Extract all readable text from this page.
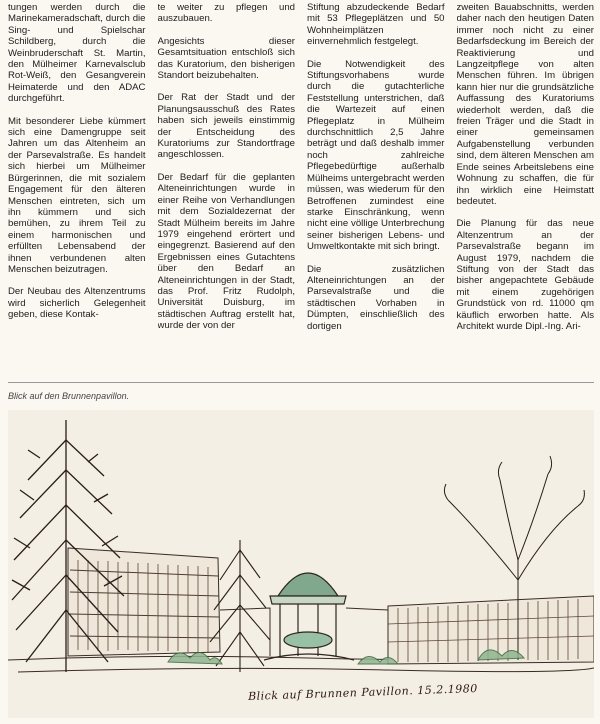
tungen werden durch die Marinekameradschaft, durch die Sing- und Spielschar Schildberg, durch die Weinbruderschaft St. Martin, den Mülheimer Karnevalsclub Rot-Weiß, den Gesangverein Heimaterde und den ADAC durchgeführt.

Mit besonderer Liebe kümmert sich eine Damengruppe seit Jahren um das Altenheim an der Parsevalstraße. Es handelt sich hierbei um Mülheimer Bürgerinnen, die mit sozialem Engagement für den älteren Menschen eintreten, sich um ihn kümmern und sich bemühen, zu ihrem Teil zu einem harmonischen und erfüllten Lebensabend der ihnen verbundenen alten Menschen beizutragen.

Der Neubau des Altenzentrums wird sicherlich Gelegenheit geben, diese Kontak-

te weiter zu pflegen und auszubauen.

Angesichts dieser Gesamtsituation entschloß sich das Kuratorium, den bisherigen Standort beizubehalten.

Der Rat der Stadt und der Planungsausschuß des Rates haben sich jeweils einstimmig der Entscheidung des Kuratoriums zur Standortfrage angeschlossen.

Der Bedarf für die geplanten Alteneinrichtungen wurde in einer Reihe von Verhandlungen mit dem Sozialdezernat der Stadt Mülheim bereits im Jahre 1979 eingehend erörtert und eingegrenzt. Basierend auf den Ergebnissen eines Gutachtens über den Bedarf an Alteneinrichtungen in der Stadt, das Prof. Fritz Rudolph, Universität Duisburg, im städtischen Auftrag erstellt hat, wurde der von der

Stiftung abzudeckende Bedarf mit 53 Pflegeplätzen und 50 Wohnheimplätzen einvernehmlich festgelegt.

Die Notwendigkeit des Stiftungsvorhabens wurde durch die gutachterliche Feststellung unterstrichen, daß die Wartezeit auf einen Pflegeplatz in Mülheim durchschnittlich 2,5 Jahre beträgt und daß deshalb immer noch zahlreiche Pflegebedürftige außerhalb Mülheims untergebracht werden müssen, was wiederum für den Betroffenen zumindest eine starke Einschränkung, wenn nicht eine völlige Unterbrechung seiner bisherigen Lebens- und Umweltkontakte mit sich bringt.

Die zusätzlichen Alteneinrichtungen an der Parsevalstraße und die städtischen Vorhaben in Dümpten, einschließlich des dortigen

zweiten Bauabschnitts, werden daher nach den heutigen Daten immer noch nicht zu einer Bedarfsdeckung im Bereich der Reaktivierung und Langzeitpflege von alten Menschen führen. Im übrigen kann hier nur die grundsätzliche Auffassung des Kuratoriums wiederholt werden, daß die freien Träger und die Stadt in einer gemeinsamen Aufgabenstellung verbunden sind, dem älteren Menschen am Ende seines Arbeitslebens eine Wohnung zu schaffen, die für ihn wirklich eine Heimstatt bedeutet.

Die Planung für das neue Altenzentrum an der Parsevalstraße begann im August 1979, nachdem die Stiftung von der Stadt das bisher angepachtete Gebäude mit einem zugehörigen Grundstück von rd. 11000 qm käuflich erworben hatte. Als Architekt wurde Dipl.-Ing. Ari-

Blick auf den Brunnenpavillon.
Blick auf Brunnen Pavillon. 15.2.1980
